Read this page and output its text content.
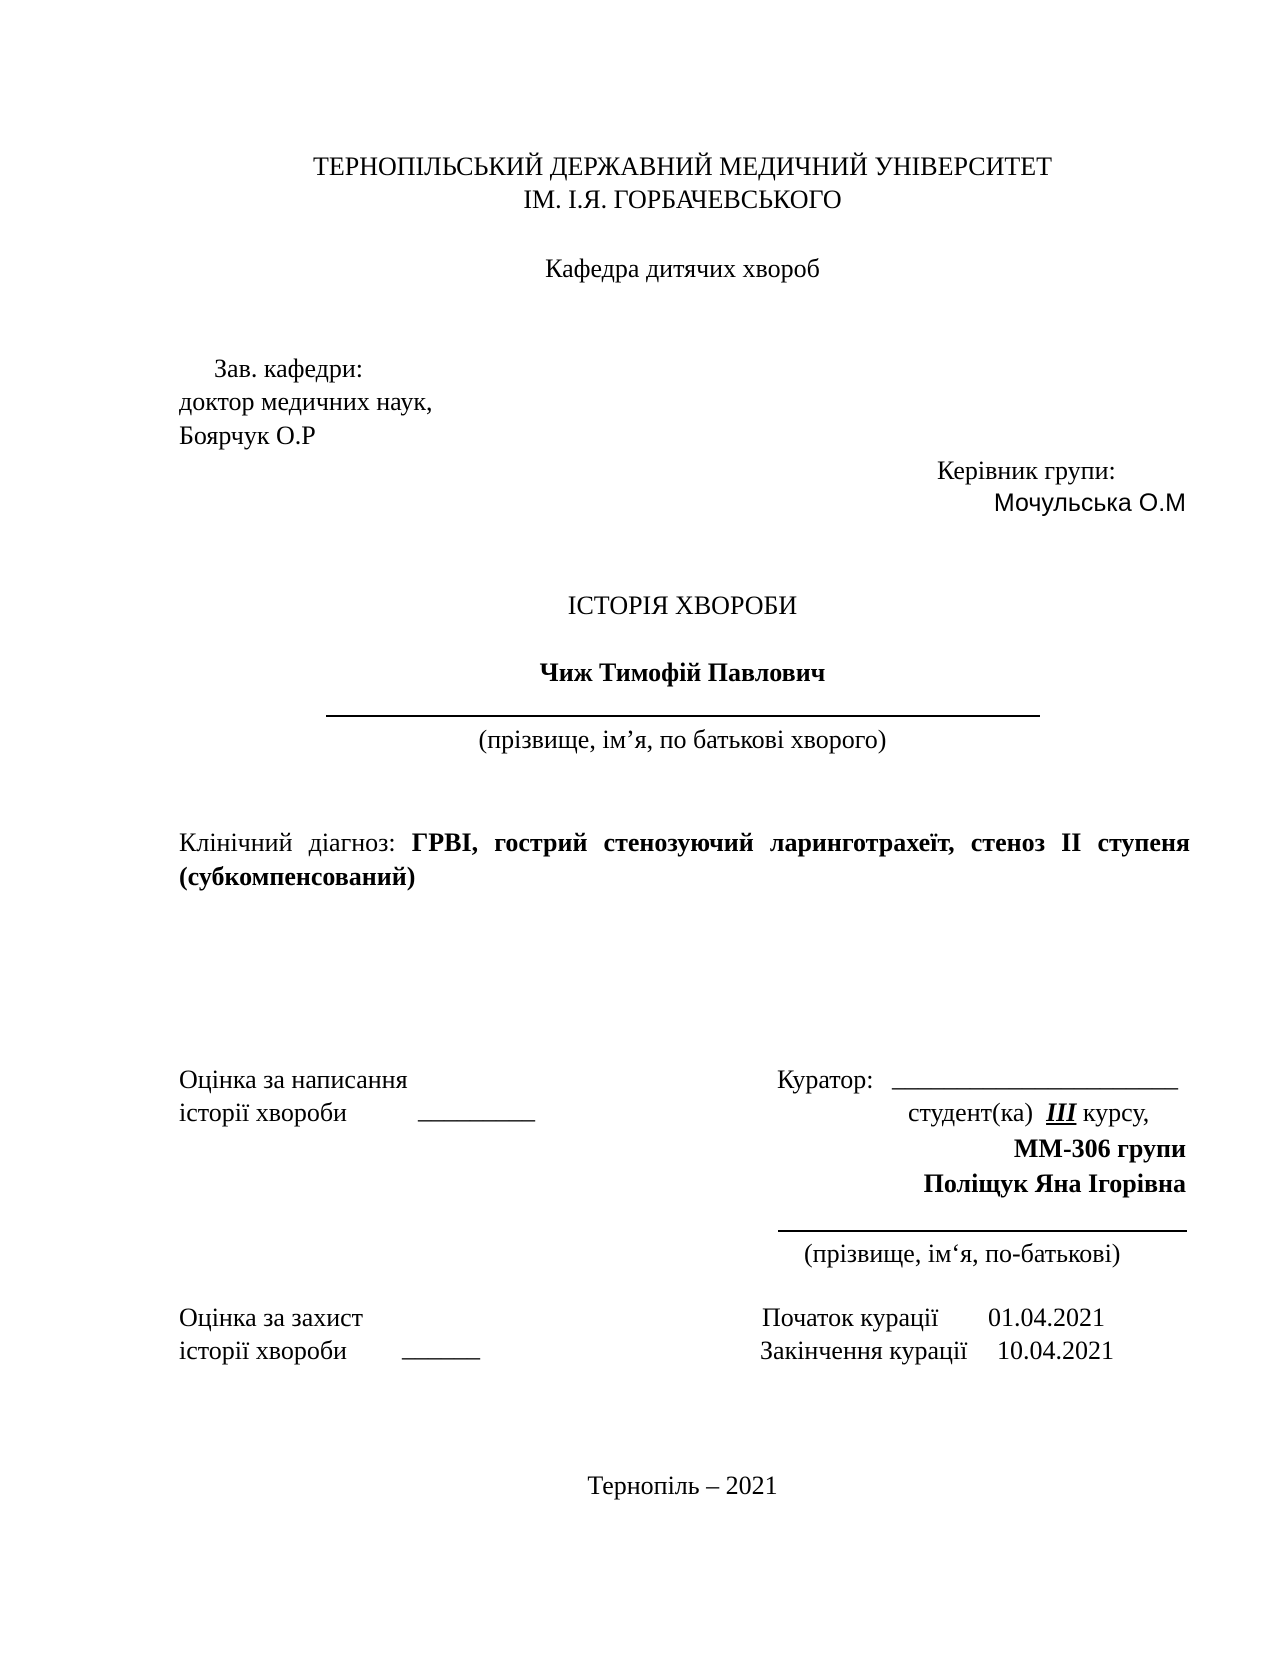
ТЕРНОПІЛЬСЬКИЙ ДЕРЖАВНИЙ МЕДИЧНИЙ УНІВЕРСИТЕТ
ІМ. І.Я. ГОРБАЧЕВСЬКОГО
Кафедра дитячих хвороб
Зав. кафедри:
доктор медичних наук,
Боярчук О.Р
Керівник групи:
Мочульська О.М
ІСТОРІЯ ХВОРОБИ
Чиж Тимофій Павлович
(прізвище, ім’я, по батькові хворого)
Клінічний діагноз: ГРВІ, гострий стенозуючий ларинготрахеїт, стеноз ІІ ступеня (субкомпенсований)
Оцінка за написання
історії хвороби	_________
Куратор: ______________________
студент(ка) ІІІ курсу,
ММ-306 групи
Поліщук Яна Ігорівна
(прізвище, ім‘я, по-батькові)
Оцінка за захист
історії хвороби ______
Початок курації 01.04.2021
Закінчення курації 10.04.2021
Тернопіль – 2021
